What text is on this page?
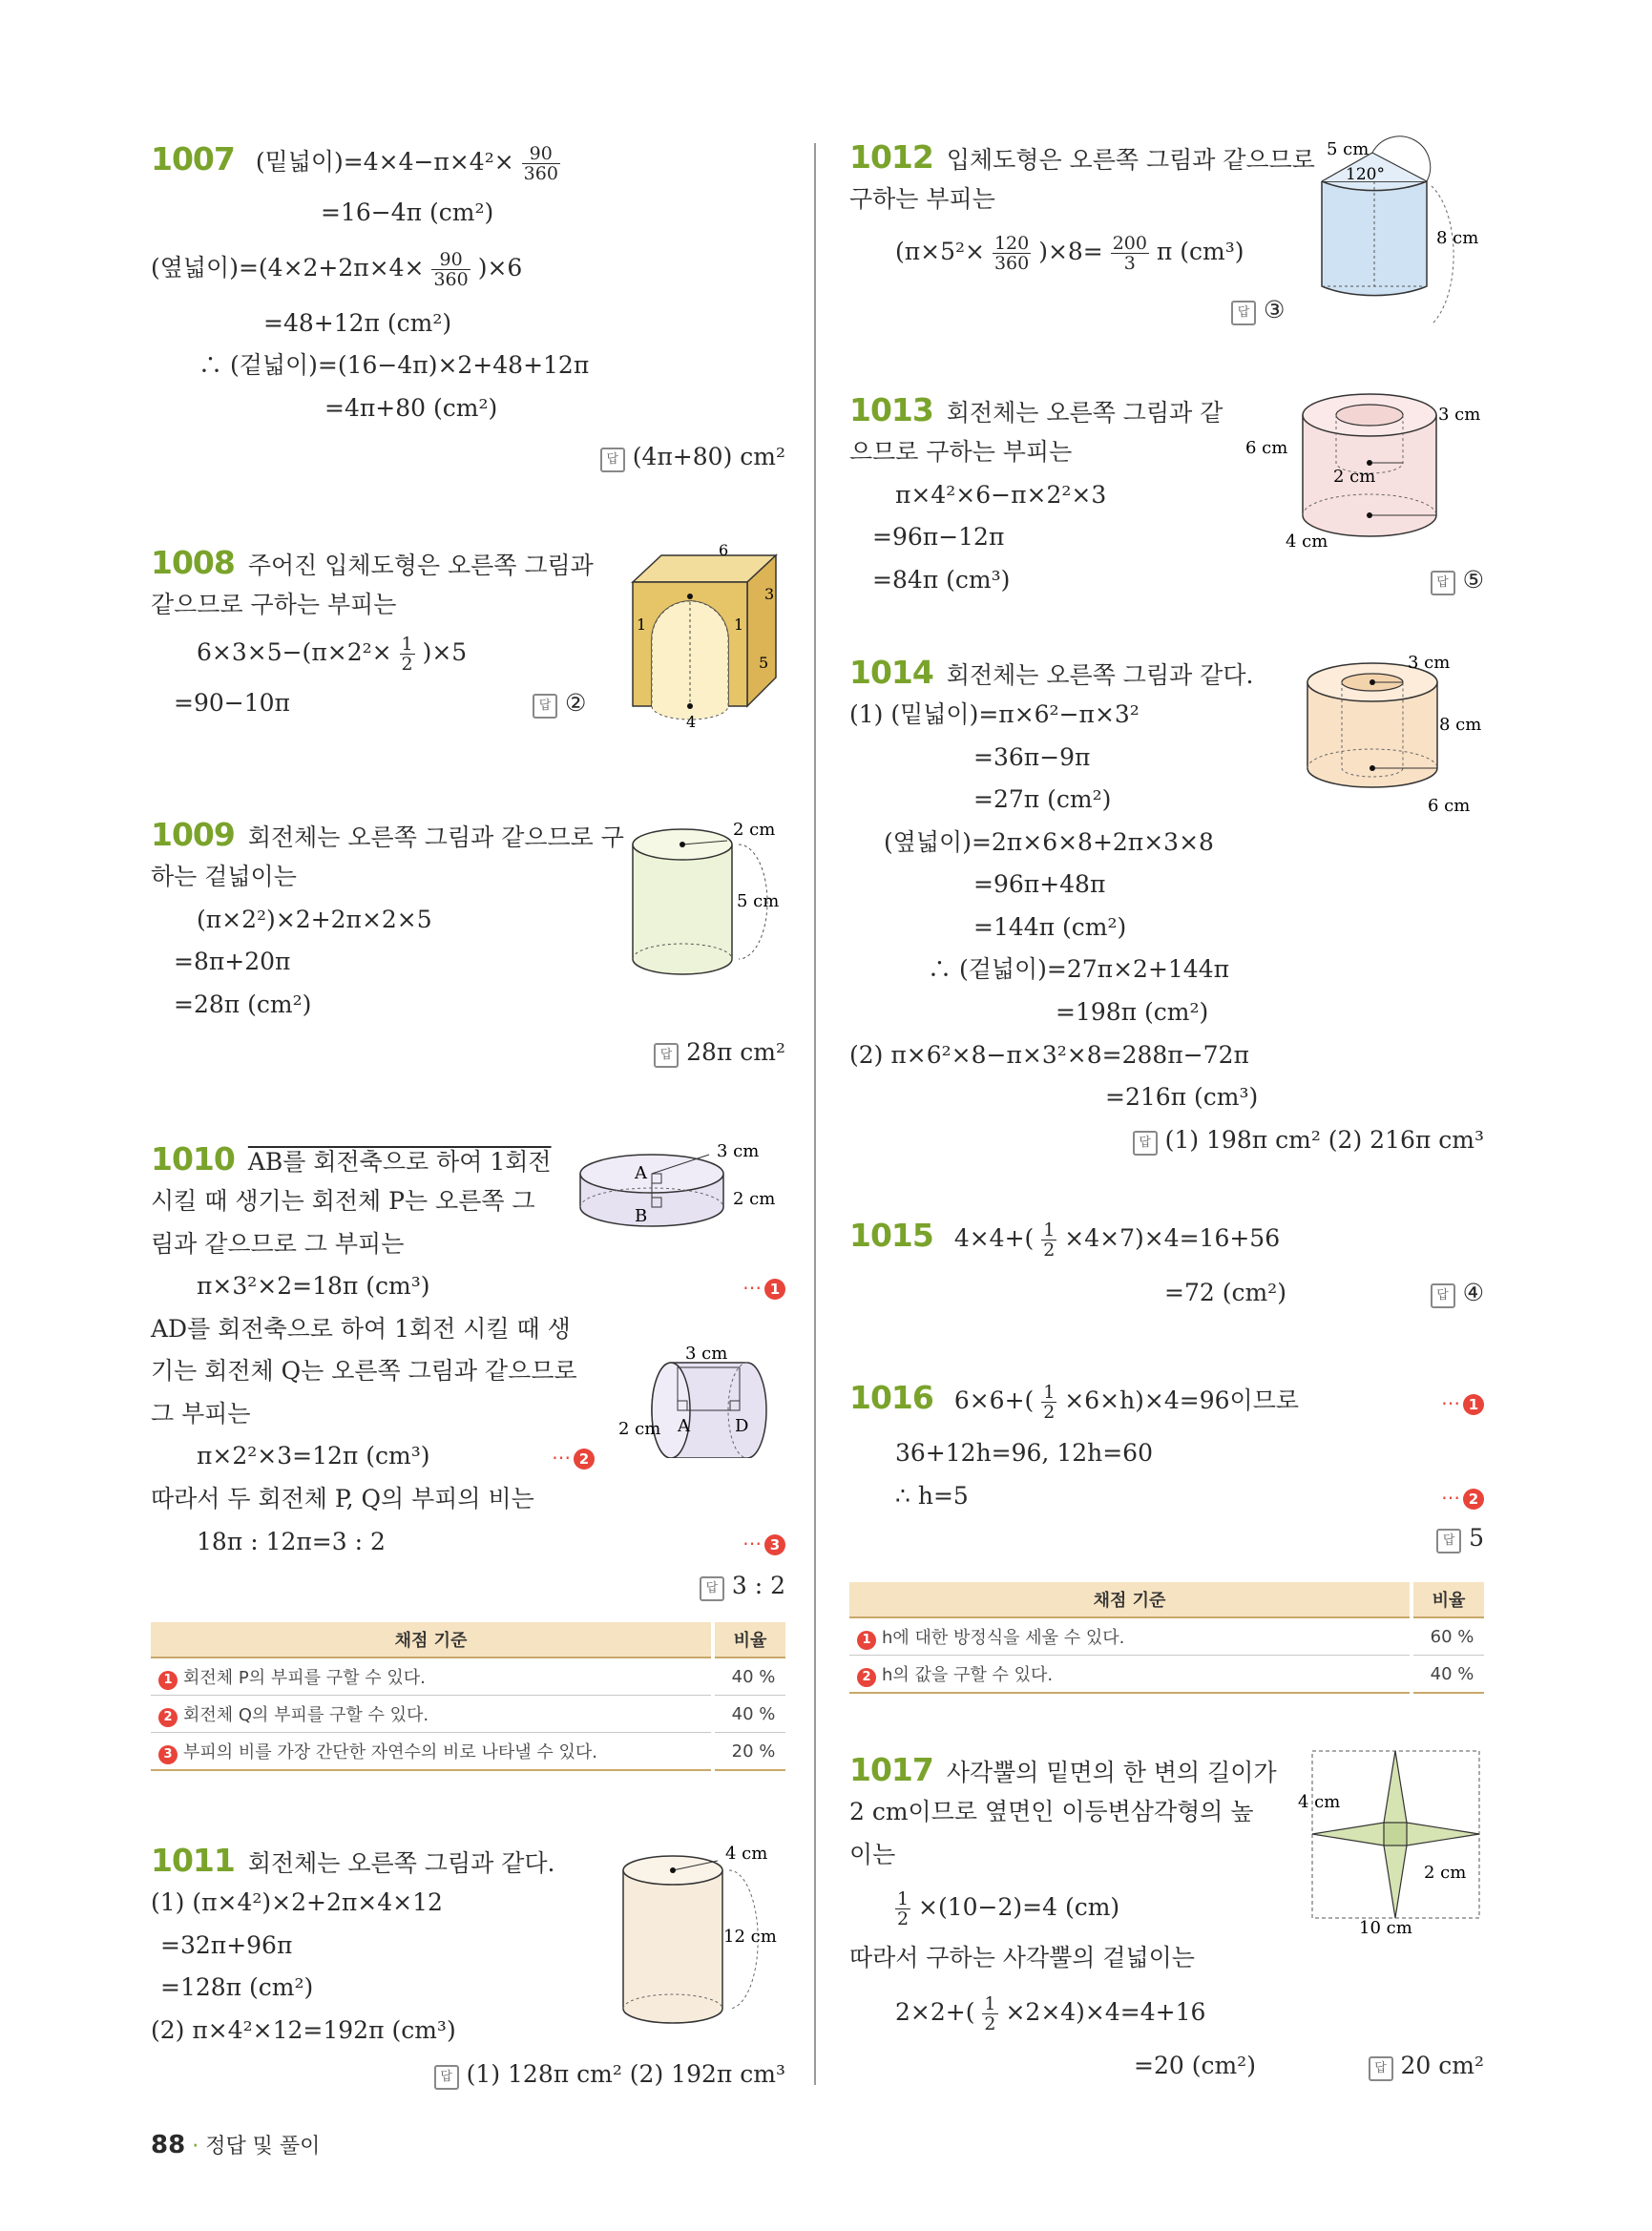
1007 (밑넓이)$=4\times 4-\pi\times 4^2\times \frac{90}{360}$
=16−4π (cm²)
(옆넓이)$=(4\times 2+2\pi\times 4\times \frac{90}{360} )\times 6$
=48+12π (cm²)
∴ (겉넓이)=(16−4π)×2+48+12π
=4π+80 (cm²)
답 (4π+80) cm²
1008 주어진 입체도형은 오른쪽 그림과
같으므로 구하는 부피는
$6\times 3\times 5-(\pi\times 2^2\times \frac{1}{2} )\times 5$
=90−10π	답 ②
6
1	1
3
5
4
1009 회전체는 오른쪽 그림과 같으므로 구
하는 겉넓이는
(π×2²)×2+2π×2×5
=8π+20π
=28π (cm²)
답 28π cm²
2 cm
5 cm
1010 AB를 회전축으로 하여 1회전
시킬 때 생기는 회전체 P는 오른쪽 그
림과 같으므로 그 부피는
π×3²×2=18π (cm³)	⋯ 1
AD를 회전축으로 하여 1회전 시킬 때 생
기는 회전체 Q는 오른쪽 그림과 같으므로
그 부피는
π×2²×3=12π (cm³)	⋯ 2
따라서 두 회전체 P, Q의 부피의 비는
18π : 12π=3 : 2	⋯ 3
답 3 : 2
A
B
3 cm
2 cm
A	D
3 cm
2 cm
채점 기준	비율
1 회전체 P의 부피를 구할 수 있다.	40 %
2 회전체 Q의 부피를 구할 수 있다.	40 %
3 부피의 비를 가장 간단한 자연수의 비로 나타낼 수 있다.	20 %
1011 회전체는 오른쪽 그림과 같다.
(1) (π×4²)×2+2π×4×12
=32π+96π
=128π (cm²)
(2) π×4²×12=192π (cm³)
답 (1) 128π cm² (2) 192π cm³
4 cm
12 cm
1012 입체도형은 오른쪽 그림과 같으므로
구하는 부피는
$(\pi\times 5^2\times \frac{120}{360} )\times 8= \frac{200}{3}$ π (cm³)
답 ③
5 cm
120°
8 cm
1013 회전체는 오른쪽 그림과 같
으므로 구하는 부피는
π×4²×6−π×2²×3
=96π−12π
=84π (cm³)	답 ⑤
3 cm
6 cm
2 cm
4 cm
1014 회전체는 오른쪽 그림과 같다.
(1) (밑넓이)=π×6²−π×3²
=36π−9π
=27π (cm²)
(옆넓이)=2π×6×8+2π×3×8
=96π+48π
=144π (cm²)
∴ (겉넓이)=27π×2+144π
=198π (cm²)
(2) π×6²×8−π×3²×8=288π−72π
=216π (cm³)
답 (1) 198π cm² (2) 216π cm³
3 cm
8 cm
6 cm
1015 $4\times 4+( \frac{1}{2} \times 4\times 7)\times 4=16+56$
=72 (cm²)	답 ④
1016 $6\times 6+( \frac{1}{2} \times 6\times h)\times 4=96$이므로	⋯ 1
36+12h=96, 12h=60
∴ h=5	⋯ 2
답 5
채점 기준	비율
1 h에 대한 방정식을 세울 수 있다.	60 %
2 h의 값을 구할 수 있다.	40 %
1017 사각뿔의 밑면의 한 변의 길이가
2 cm이므로 옆면인 이등변삼각형의 높
이는
$\frac{1}{2} \times(10-2)=4$ (cm)
따라서 구하는 사각뿔의 겉넓이는
$2\times 2+( \frac{1}{2} \times 2\times 4)\times 4=4+16$
=20 (cm²)	답 20 cm²
4 cm
2 cm
10 cm
88 · 정답 및 풀이
